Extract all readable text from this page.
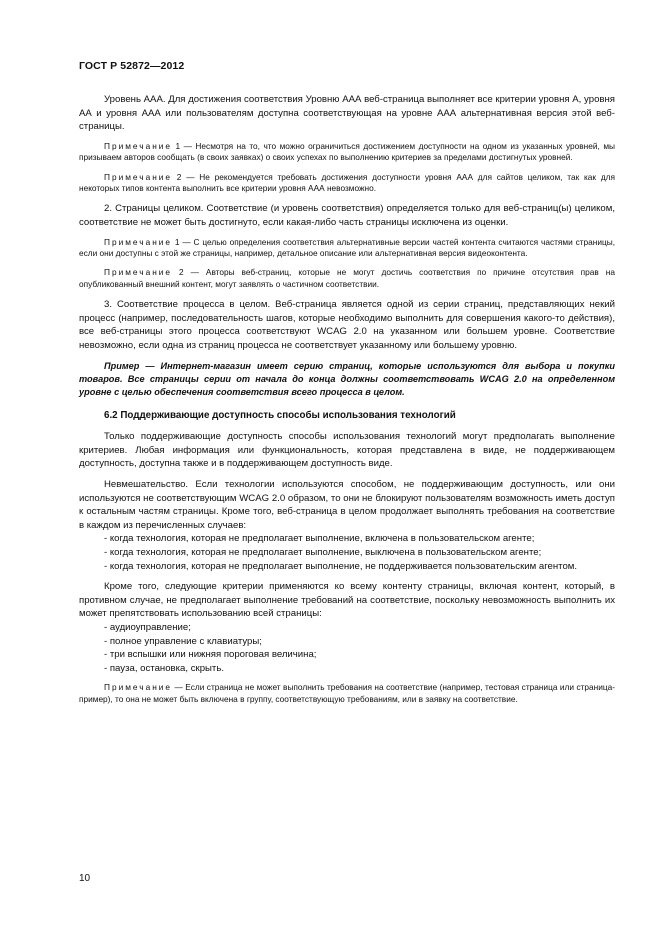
ГОСТ Р 52872—2012

Уровень ААА. Для достижения соответствия Уровню ААА веб-страница выполняет все критерии уровня А, уровня АА и уровня ААА или пользователям доступна соответствующая на уровне ААА альтернативная версия этой веб-страницы.

Примечание 1 — Несмотря на то, что можно ограничиться достижением доступности на одном из указанных уровней, мы призываем авторов сообщать (в своих заявках) о своих успехах по выполнению критериев за пределами достигнутых уровней.

Примечание 2 — Не рекомендуется требовать достижения доступности уровня ААА для сайтов целиком, так как для некоторых типов контента выполнить все критерии уровня ААА невозможно.

2. Страницы целиком. Соответствие (и уровень соответствия) определяется только для веб-страниц(ы) целиком, соответствие не может быть достигнуто, если какая-либо часть страницы исключена из оценки.

Примечание 1 — С целью определения соответствия альтернативные версии частей контента считаются частями страницы, если они доступны с этой же страницы, например, детальное описание или альтернативная версия видеоконтента.

Примечание 2 — Авторы веб-страниц, которые не могут достичь соответствия по причине отсутствия прав на опубликованный внешний контент, могут заявлять о частичном соответствии.

3. Соответствие процесса в целом. Веб-страница является одной из серии страниц, представляющих некий процесс (например, последовательность шагов, которые необходимо выполнить для совершения какого-то действия), все веб-страницы этого процесса соответствуют WCAG 2.0 на указанном или большем уровне. Соответствие невозможно, если одна из страниц процесса не соответствует указанному или большему уровню.

Пример — Интернет-магазин имеет серию страниц, которые используются для выбора и покупки товаров. Все страницы серии от начала до конца должны соответствовать WCAG 2.0 на определенном уровне с целью обеспечения соответствия всего процесса в целом.

6.2 Поддерживающие доступность способы использования технологий

Только поддерживающие доступность способы использования технологий могут предполагать выполнение критериев. Любая информация или функциональность, которая представлена в виде, не поддерживающем доступность, доступна также и в поддерживающем доступность виде.

Невмешательство. Если технологии используются способом, не поддерживающим доступность, или они используются не соответствующим WCAG 2.0 образом, то они не блокируют пользователям возможность иметь доступ к остальным частям страницы. Кроме того, веб-страница в целом продолжает выполнять требования на соответствие в каждом из перечисленных случаев:

- когда технология, которая не предполагает выполнение, включена в пользовательском агенте;

- когда технология, которая не предполагает выполнение, выключена в пользовательском агенте;

- когда технология, которая не предполагает выполнение, не поддерживается пользовательским агентом.

Кроме того, следующие критерии применяются ко всему контенту страницы, включая контент, который, в противном случае, не предполагает выполнение требований на соответствие, поскольку невозможность выполнить их может препятствовать использованию всей страницы:

- аудиоуправление;

- полное управление с клавиатуры;

- три вспышки или нижняя пороговая величина;

- пауза, остановка, скрыть.

Примечание — Если страница не может выполнить требования на соответствие (например, тестовая страница или страница-пример), то она не может быть включена в группу, соответствующую требованиям, или в заявку на соответствие.

10
